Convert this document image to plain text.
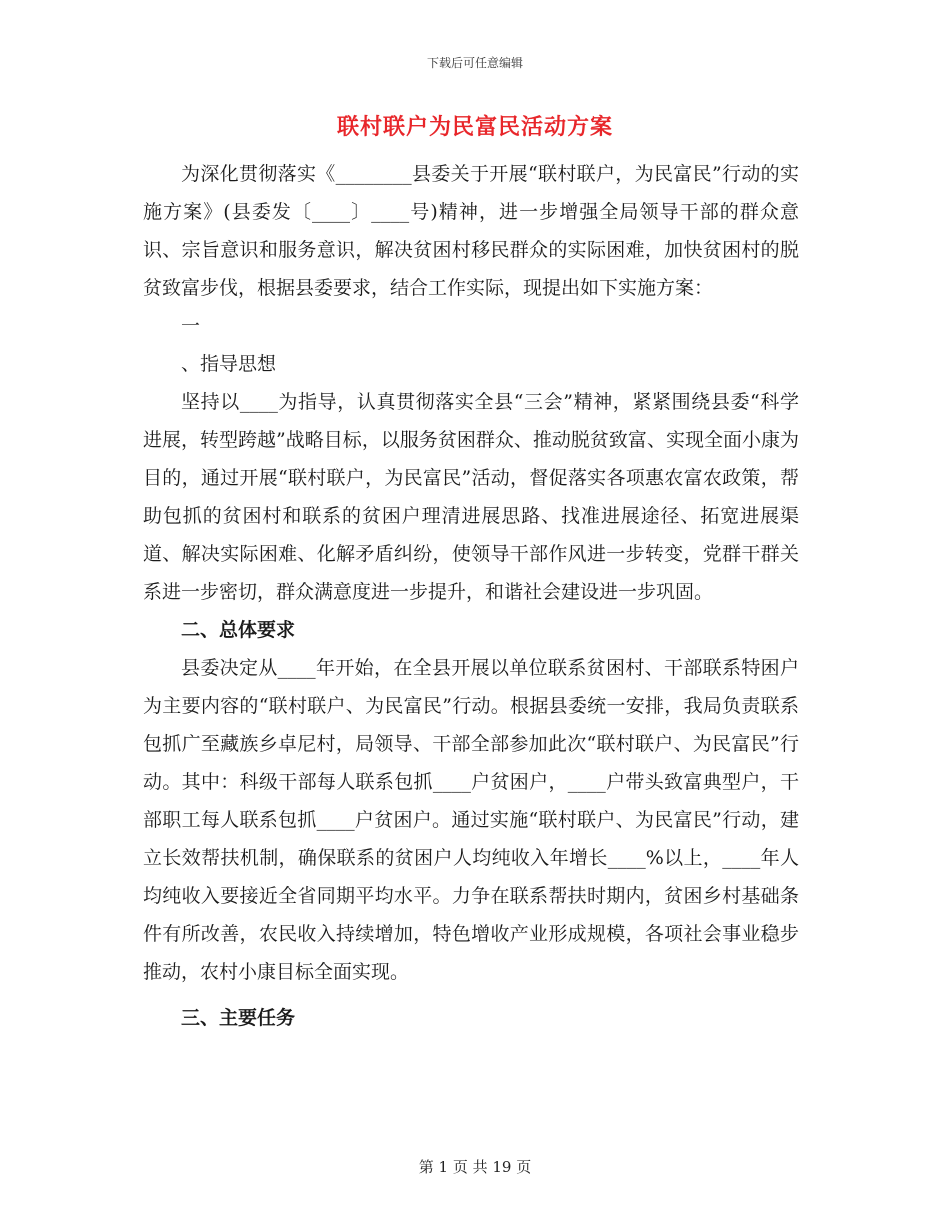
下载后可任意编辑
联村联户为民富民活动方案

为深化贯彻落实《________县委关于开展“联村联户，为民富民”行动的实施方案》(县委发〔____〕____号)精神，进一步增强全局领导干部的群众意识、宗旨意识和服务意识，解决贫困村移民群众的实际困难，加快贫困村的脱贫致富步伐，根据县委要求，结合工作实际，现提出如下实施方案：

一
、指导思想

坚持以____为指导，认真贯彻落实全县“三会”精神，紧紧围绕县委“科学进展，转型跨越”战略目标，以服务贫困群众、推动脱贫致富、实现全面小康为目的，通过开展“联村联户，为民富民”活动，督促落实各项惠农富农政策，帮助包抓的贫困村和联系的贫困户理清进展思路、找准进展途径、拓宽进展渠道、解决实际困难、化解矛盾纠纷，使领导干部作风进一步转变，党群干群关系进一步密切，群众满意度进一步提升，和谐社会建设进一步巩固。

二、总体要求

县委决定从____年开始，在全县开展以单位联系贫困村、干部联系特困户为主要内容的“联村联户、为民富民”行动。根据县委统一安排，我局负责联系包抓广至藏族乡卓尼村，局领导、干部全部参加此次“联村联户、为民富民”行动。其中：科级干部每人联系包抓____户贫困户，____户带头致富典型户，干部职工每人联系包抓____户贫困户。通过实施“联村联户、为民富民”行动，建立长效帮扶机制，确保联系的贫困户人均纯收入年增长____%以上，____年人均纯收入要接近全省同期平均水平。力争在联系帮扶时期内，贫困乡村基础条件有所改善，农民收入持续增加，特色增收产业形成规模，各项社会事业稳步推动，农村小康目标全面实现。

三、主要任务
第 1 页 共 19 页
